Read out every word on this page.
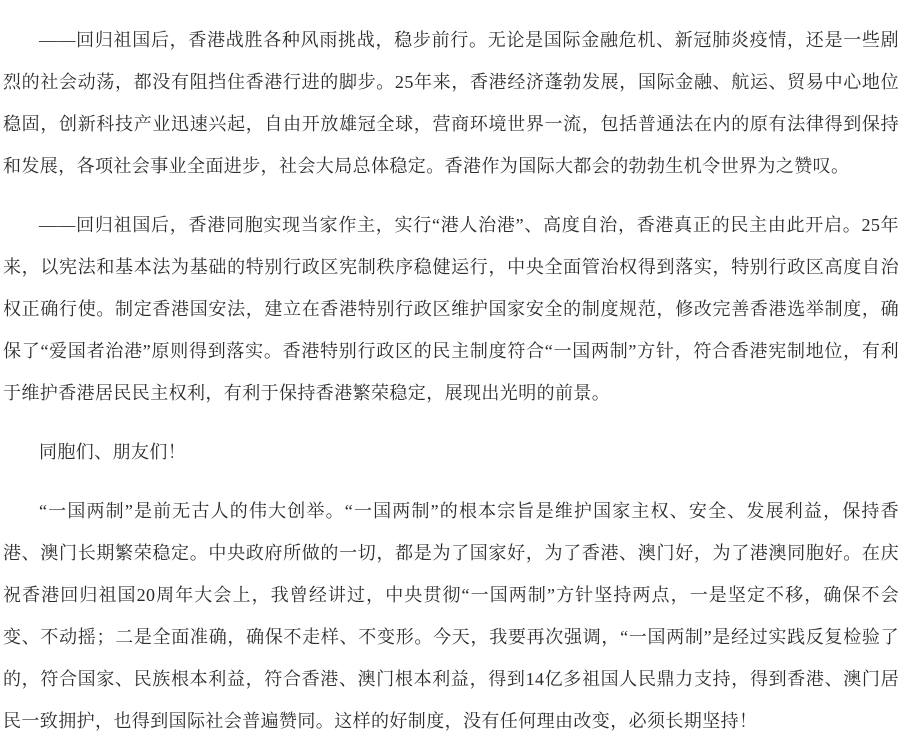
——回归祖国后，香港战胜各种风雨挑战，稳步前行。无论是国际金融危机、新冠肺炎疫情，还是一些剧烈的社会动荡，都没有阻挡住香港行进的脚步。25年来，香港经济蓬勃发展，国际金融、航运、贸易中心地位稳固，创新科技产业迅速兴起，自由开放雄冠全球，营商环境世界一流，包括普通法在内的原有法律得到保持和发展，各项社会事业全面进步，社会大局总体稳定。香港作为国际大都会的勃勃生机令世界为之赞叹。

——回归祖国后，香港同胞实现当家作主，实行“港人治港”、高度自治，香港真正的民主由此开启。25年来，以宪法和基本法为基础的特别行政区宪制秩序稳健运行，中央全面管治权得到落实，特别行政区高度自治权正确行使。制定香港国安法，建立在香港特别行政区维护国家安全的制度规范，修改完善香港选举制度，确保了“爱国者治港”原则得到落实。香港特别行政区的民主制度符合“一国两制”方针，符合香港宪制地位，有利于维护香港居民民主权利，有利于保持香港繁荣稳定，展现出光明的前景。

同胞们、朋友们！

“一国两制”是前无古人的伟大创举。“一国两制”的根本宗旨是维护国家主权、安全、发展利益，保持香港、澳门长期繁荣稳定。中央政府所做的一切，都是为了国家好，为了香港、澳门好，为了港澳同胞好。在庆祝香港回归祖国20周年大会上，我曾经讲过，中央贯彻“一国两制”方针坚持两点，一是坚定不移，确保不会变、不动摇；二是全面准确，确保不走样、不变形。今天，我要再次强调，“一国两制”是经过实践反复检验了的，符合国家、民族根本利益，符合香港、澳门根本利益，得到14亿多祖国人民鼎力支持，得到香港、澳门居民一致拥护，也得到国际社会普遍赞同。这样的好制度，没有任何理由改变，必须长期坚持！
